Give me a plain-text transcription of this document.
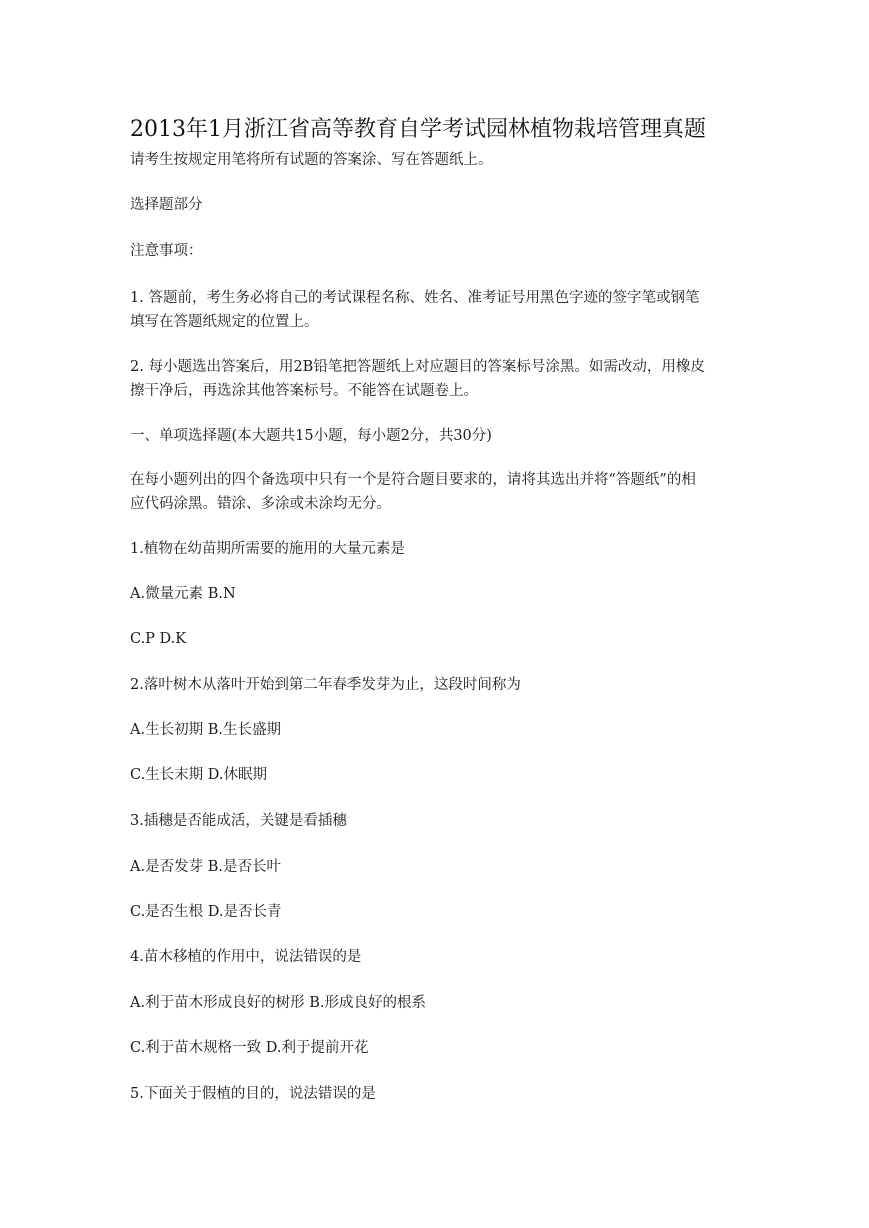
2013年1月浙江省高等教育自学考试园林植物栽培管理真题
请考生按规定用笔将所有试题的答案涂、写在答题纸上。
选择题部分
注意事项：
1. 答题前，考生务必将自己的考试课程名称、姓名、准考证号用黑色字迹的签字笔或钢笔
填写在答题纸规定的位置上。
2. 每小题选出答案后，用2B铅笔把答题纸上对应题目的答案标号涂黑。如需改动，用橡皮
擦干净后，再选涂其他答案标号。不能答在试题卷上。
一、单项选择题(本大题共15小题，每小题2分，共30分)
在每小题列出的四个备选项中只有一个是符合题目要求的，请将其选出并将“答题纸”的相
应代码涂黑。错涂、多涂或未涂均无分。
1.植物在幼苗期所需要的施用的大量元素是
A.微量元素 B.N
C.P D.K
2.落叶树木从落叶开始到第二年春季发芽为止，这段时间称为
A.生长初期 B.生长盛期
C.生长末期 D.休眠期
3.插穗是否能成活，关键是看插穗
A.是否发芽 B.是否长叶
C.是否生根 D.是否长青
4.苗木移植的作用中，说法错误的是
A.利于苗木形成良好的树形 B.形成良好的根系
C.利于苗木规格一致 D.利于提前开花
5.下面关于假植的目的，说法错误的是
